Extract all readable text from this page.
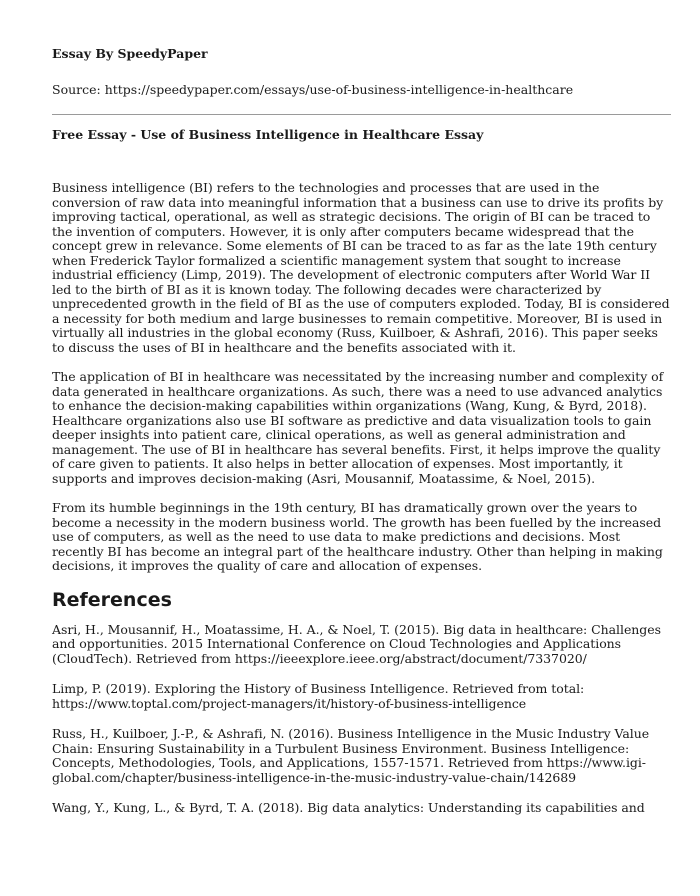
Essay By SpeedyPaper
Source: https://speedypaper.com/essays/use-of-business-intelligence-in-healthcare
Free Essay - Use of Business Intelligence in Healthcare Essay

Business intelligence (BI) refers to the technologies and processes that are used in the conversion of raw data into meaningful information that a business can use to drive its profits by improving tactical, operational, as well as strategic decisions. The origin of BI can be traced to the invention of computers. However, it is only after computers became widespread that the concept grew in relevance. Some elements of BI can be traced to as far as the late 19th century when Frederick Taylor formalized a scientific management system that sought to increase industrial efficiency (Limp, 2019). The development of electronic computers after World War II led to the birth of BI as it is known today. The following decades were characterized by unprecedented growth in the field of BI as the use of computers exploded. Today, BI is considered a necessity for both medium and large businesses to remain competitive. Moreover, BI is used in virtually all industries in the global economy (Russ, Kuilboer, & Ashrafi, 2016). This paper seeks to discuss the uses of BI in healthcare and the benefits associated with it.

The application of BI in healthcare was necessitated by the increasing number and complexity of data generated in healthcare organizations. As such, there was a need to use advanced analytics to enhance the decision-making capabilities within organizations (Wang, Kung, & Byrd, 2018). Healthcare organizations also use BI software as predictive and data visualization tools to gain deeper insights into patient care, clinical operations, as well as general administration and management. The use of BI in healthcare has several benefits. First, it helps improve the quality of care given to patients. It also helps in better allocation of expenses. Most importantly, it supports and improves decision-making (Asri, Mousannif, Moatassime, & Noel, 2015).

From its humble beginnings in the 19th century, BI has dramatically grown over the years to become a necessity in the modern business world. The growth has been fuelled by the increased use of computers, as well as the need to use data to make predictions and decisions. Most recently BI has become an integral part of the healthcare industry. Other than helping in making decisions, it improves the quality of care and allocation of expenses.

References

Asri, H., Mousannif, H., Moatassime, H. A., & Noel, T. (2015). Big data in healthcare: Challenges and opportunities. 2015 International Conference on Cloud Technologies and Applications (CloudTech). Retrieved from https://ieeexplore.ieee.org/abstract/document/7337020/

Limp, P. (2019). Exploring the History of Business Intelligence. Retrieved from total: https://www.toptal.com/project-managers/it/history-of-business-intelligence

Russ, H., Kuilboer, J.-P., & Ashrafi, N. (2016). Business Intelligence in the Music Industry Value Chain: Ensuring Sustainability in a Turbulent Business Environment. Business Intelligence: Concepts, Methodologies, Tools, and Applications, 1557-1571. Retrieved from https://www.igi-global.com/chapter/business-intelligence-in-the-music-industry-value-chain/142689

Wang, Y., Kung, L., & Byrd, T. A. (2018). Big data analytics: Understanding its capabilities and
